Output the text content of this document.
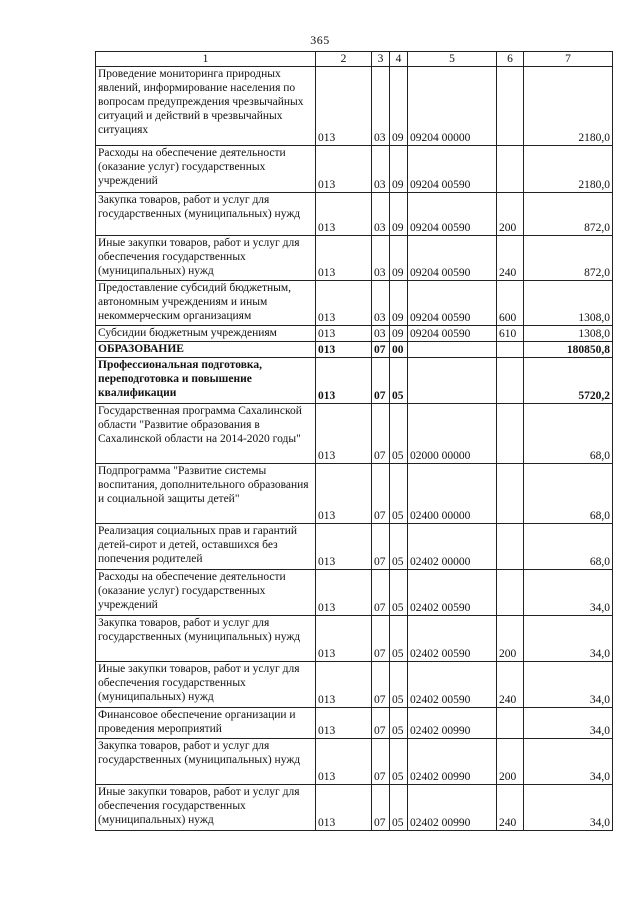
365
1	2	3	4	5	6	7
Проведение мониторинга природных явлений, информирование населения по вопросам предупреждения чрезвычайных ситуаций и действий в чрезвычайных ситуациях	013	03	09	09204 00000		2180,0
Расходы на обеспечение деятельности (оказание услуг) государственных учреждений	013	03	09	09204 00590		2180,0
Закупка товаров, работ и услуг для государственных (муниципальных) нужд	013	03	09	09204 00590	200	872,0
Иные закупки товаров, работ и услуг для обеспечения государственных (муниципальных) нужд	013	03	09	09204 00590	240	872,0
Предоставление субсидий бюджетным, автономным учреждениям и иным некоммерческим организациям	013	03	09	09204 00590	600	1308,0
Субсидии бюджетным учреждениям	013	03	09	09204 00590	610	1308,0
ОБРАЗОВАНИЕ	013	07	00			180850,8
Профессиональная подготовка, переподготовка и повышение квалификации	013	07	05			5720,2
Государственная программа Сахалинской области "Развитие образования в Сахалинской области на 2014-2020 годы"	013	07	05	02000 00000		68,0
Подпрограмма "Развитие системы воспитания, дополнительного образования и социальной защиты детей"	013	07	05	02400 00000		68,0
Реализация социальных прав и гарантий детей-сирот и детей, оставшихся без попечения родителей	013	07	05	02402 00000		68,0
Расходы на обеспечение деятельности (оказание услуг) государственных учреждений	013	07	05	02402 00590		34,0
Закупка товаров, работ и услуг для государственных (муниципальных) нужд	013	07	05	02402 00590	200	34,0
Иные закупки товаров, работ и услуг для обеспечения государственных (муниципальных) нужд	013	07	05	02402 00590	240	34,0
Финансовое обеспечение организации и проведения мероприятий	013	07	05	02402 00990		34,0
Закупка товаров, работ и услуг для государственных (муниципальных) нужд	013	07	05	02402 00990	200	34,0
Иные закупки товаров, работ и услуг для обеспечения государственных (муниципальных) нужд	013	07	05	02402 00990	240	34,0
